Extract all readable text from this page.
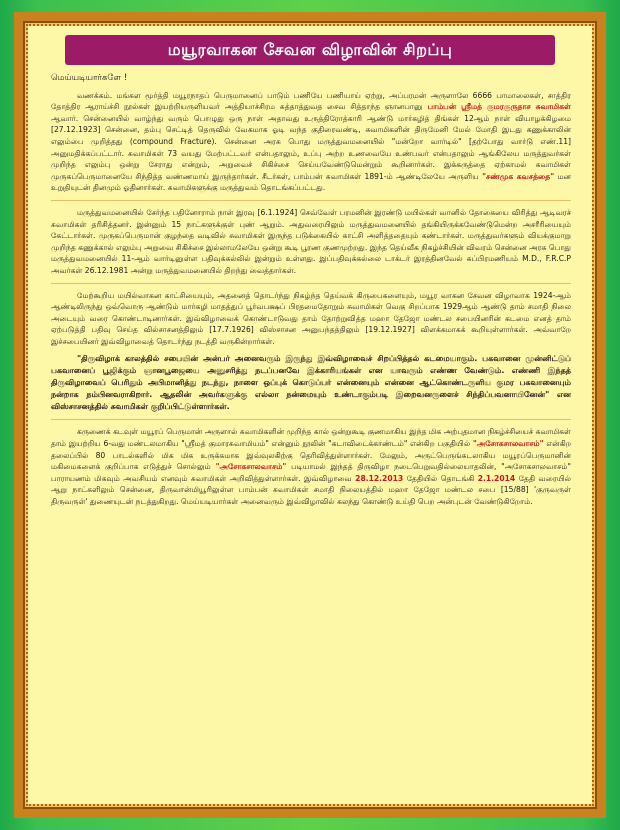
மயூரவாகன சேவன விழாவின் சிறப்பு

மெய்யடியார்களே !

வணக்கம். மங்கள மூர்த்தி மயூரநாதப் பெருமானைப் பாடும் பணியே பணியாய் ஏற்று, அப்பரமன் அருளாலே 6666 பாமாலைகள், சாத்திர தோத்திர ஆராய்ச்சி நூல்கள் இயற்றியருளியவர் அத்தியாச்சிரம சுத்தாத்துவத சைவ சித்தாந்த ஞானபானு பாம்பன் ஸ்ரீமத் குமரகுருதாச சுவாமிகள் ஆவார். சென்னையில் வாழ்ந்து வரும் பொழுது ஒரு நாள் அதாவது உருத்திரோத்காரி ஆண்டு மார்கழித் திங்கள் 12ஆம் நாள் வியாழக்கிழமை [27.12.1923] சென்னை, தம்பு செட்டித் தெருவில் வேகமாக ஓடி வந்த குதிரைவண்டி, சுவாமிகளின் திருமேனி மேல் மோதி இடது கணுக்காலின் எலும்பை முறித்தது (compound Fracture). சென்னை அரசு பொது மருத்துவமனையில் "மன்றோ வார்டில்" [தற்போது வார்டு எண்.11] அனுமதிக்கப்பட்டார். சுவாமிகள் 73 வயது மேற்பட்டவர் என்பதாலும், உப்பு அற்ற உணவையே உண்பவர் என்பதாலும் ஆங்கிலேய மருத்துவர்கள் முறிந்த எலும்பு ஒன்று சேராது என்றும், அறுவைச் சிகிச்சை செய்யவேண்டுமென்றும் கூறினார்கள். இக்கருத்தை ஏற்காமல் சுவாமிகள் முருகப்பெருமானையே சிந்தித்த வண்ணமாய் இருந்தார்கள். சீடர்கள், பாம்பன் சுவாமிகள் 1891-ம் ஆண்டிலேயே அருளிய "சண்முக கவசத்தை" மன உறுதியுடன் தினமும் ஓதினார்கள். சுவாமிகளுக்கு மருத்துவம் தொடங்கப்பட்டது.

மருத்துவமனையில் சேர்ந்த பதினோராம் நாள் இரவு [6.1.1924] செவ்வேள் பரமனின் இரண்டு மயில்கள் வானில் தோகையை விரித்து ஆடிவரச் சுவாமிகள் தரிசித்தனர். இன்னும் 15 நாட்களுக்குள் புண் ஆறும். அதுவரையிலும் மருத்துவமனையில் தங்கியிருக்கவேண்டுமென்ற அசரீரியையும் கேட்டார்கள். முருகப்பெருமான் குழந்தை வடிவில் சுவாமிகள் இருந்த படுக்கையில் காட்சி அளித்ததையும் கண்டார்கள். மருத்துவர்களும் வியக்குமாறு முறிந்த கணுக்கால் எலும்பு அறுவை சிகிச்சை இல்லாமலேயே ஒன்று கூடி பூரண குணமுற்றது. இந்த தெய்வீக நிகழ்ச்சியின் விவரம் சென்னை அரசு பொது மருத்துவமனையில் 11-ஆம் வார்டினுள்ள பதிவுக்கல்லில் இன்றும் உள்ளது. இப்பதிவுக்கல்லை டாக்டர் இரத்தினவேல் சுப்பிரமணியம் M.D., F.R.C.P அவர்கள் 26.12.1981 அன்று மருத்துவமனையில் திறந்து வைத்தார்கள்.

மேற்கூறிய மயில்வாகன காட்சியையும், அதனைத் தொடர்ந்து நிகழ்ந்த தெய்வக் கிருபைகளையும், மயூர வாகன சேவன விழாவாக 1924-ஆம் ஆண்டிலிருந்து ஒவ்வொரு ஆண்டும் மார்கழி மாதத்துப் பூர்வபக்ஷப் பிரதமைதோறும் சுவாமிகள் வெகு சிறப்பாக 1929ஆம் ஆண்டு தாம் சமாதி நிலை அடையும் வரை கொண்டாடினார்கள். இவ்விழாவைக் கொண்டாடுவது தாம் தோற்றுவித்த மஹா தேஜோ மண்டல சபையினரின் கடமை எனத் தாம் ஏற்படுத்தி பதிவு செய்த வில்சாசனத்திலும் [17.7.1926] விஸ்சாசன அனுபந்தத்திலும் [19.12.1927] விளக்கமாகக் கூறியுள்ளார்கள். அவ்வாறே இச்சபையினர் இவ்விழாவைத் தொடர்ந்து நடத்தி வருகின்றார்கள்.

"திருவிழாக் காலத்தில் சபையின் அன்பர் அனைவரும் இருந்து இவ்விழாவைச் சிறப்பித்தல் கடமையாகும். பகவானை முன்னிட்டுப் பகவானைப் பூஜிக்கும் ஞானபூஜையை அனுசரித்து நடப்பனவே இக்காரியங்கள் என யாவரும் எண்ண வேண்டும். எண்ணி இந்தத் திருவிழாவைப் பெரிதும் அபிமானித்து நடந்து, நாளை ஒப்புக் கொடுப்பர் என்னையும் என்னை ஆட்கொண்டருளிய குமர பகவானையும் நன்றாக நம்பினவராகிறார். ஆதலின் அவர்களுக்கு எல்லா நன்மையும் உண்டாகும்படி இறைவனருளைச் சிந்திப்பவனாயினேன்" என விஸ்சாசனத்தில் சுவாமிகள் குறிப்பிட்டுள்ளார்கள்.

கருணைக் கடவுள் மயூரப் பெருமான் அருளால் சுவாமிகளின் முறிந்த கால் ஒன்றுகூடி குணமாகிய இந்த மிக அற்புதமான நிகழ்ச்சியைச் சுவாமிகள் தாம் இயற்றிய 6-வது மண்டலமாகிய "ஸ்ரீமத் குமாரசுவாமியம்" என்னும் நூலின் "கடாவிடைக்காண்டம்" என்கிற பகுதியில் "அசோகசாலவாசம்" என்கிற தலைப்பில் 80 பாடல்களில் மிக மிக உருக்கமாக இவ்வுலகிற்கு தெரிவித்துள்ளார்கள். மேலும், அருட்பெருங்கடலாகிய மயூரப்பெருமானின் மகிமைகளைக் குறிப்பாக எடுத்துச் சொல்லும் "அசோகசாலவாசம்" படியாமல் இந்தத் திருவிழா நடைபெறுவதில்லையாதலின், "அசோகசாலவாசம்" பாராயணம் மிகவும் அவசியம் எனவும் சுவாமிகள் அறிவித்துள்ளார்கள். இவ்விழாவை 28.12.2013 தேதியில் தொடங்கி 2.1.2014 தேதி வரையில் ஆறு நாட்களிலும் சென்னை, திருவான்மியூரிலுள்ள பாம்பன் சுவாமிகள் சமாதி நிலையத்தில் மஹா தேஜோ மண்டல சபை [15/88] 'குருவருள் திருவருள்' துணையுடன் நடத்துகிறது. மெய்யடியார்கள் அனைவரும் இவ்விழாவில் கலந்து கொண்டு உய்தி பெற அன்புடன் வேண்டுகிறோம்.
